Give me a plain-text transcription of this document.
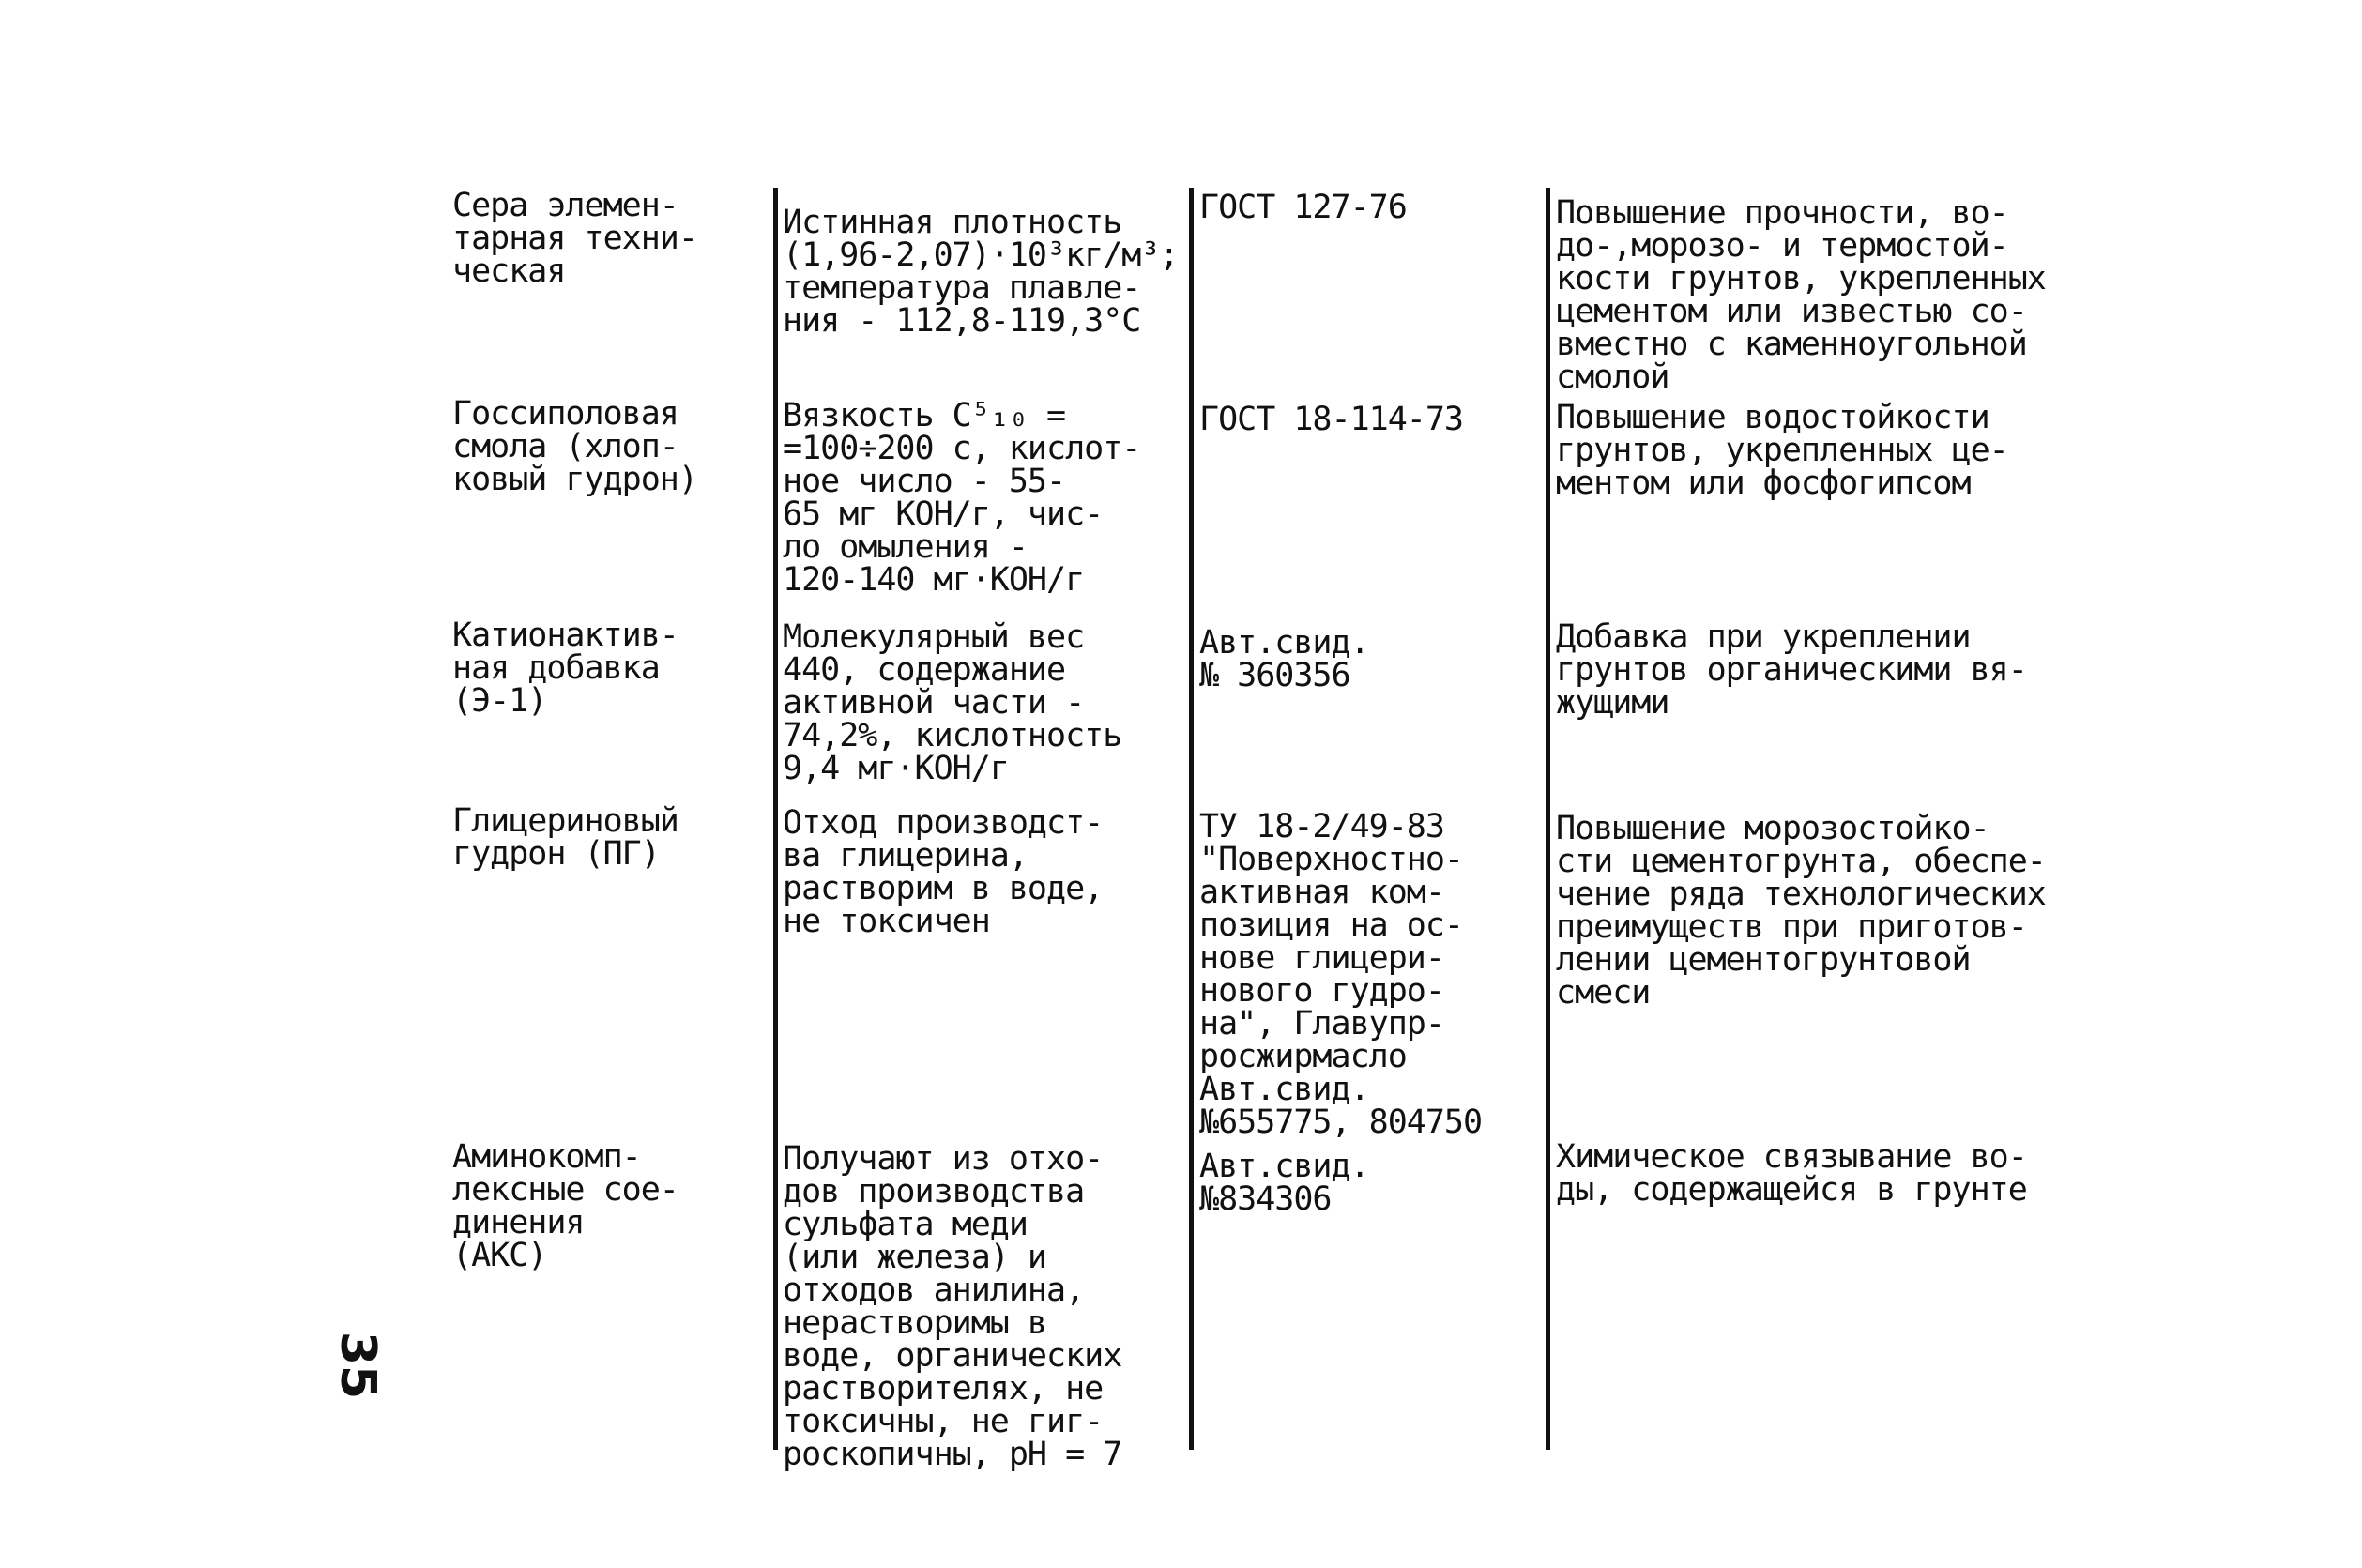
Сера элемен-
тарная техни-
ческая
Истинная плотность
(1,96-2,07)·10³кг/м³;
температура плавле-
ния - 112,8-119,3°С
ГОСТ 127-76	Повышение прочности, во-
до-,морозо- и термостой-
кости грунтов, укрепленных
цементом или известью со-
вместно с каменноугольной
смолой
Госсиполовая
смола (хлоп-
ковый гудрон)
Вязкость C⁵₁₀ =
=100÷200 с, кислот-
ное число - 55-
65 мг КОН/г, чис-
ло омыления -
120-140 мг·КОН/г
ГОСТ 18-114-73	Повышение водостойкости
грунтов, укрепленных це-
ментом или фосфогипсом
Катионактив-
ная добавка
(Э-1)
Молекулярный вес
440, содержание
активной части -
74,2%, кислотность
9,4 мг·КОН/г
Авт.свид.
№ 360356
Добавка при укреплении
грунтов органическими вя-
жущими
Глицериновый
гудрон (ПГ)
Отход производст-
ва глицерина,
растворим в воде,
не токсичен
ТУ 18-2/49-83
"Поверхностно-
активная ком-
позиция на ос-
нове глицери-
нового гудро-
на", Главупр-
росжирмасло
Авт.свид.
№655775, 804750
Повышение морозостойко-
сти цементогрунта, обеспе-
чение ряда технологических
преимуществ при приготов-
лении цементогрунтовой
смеси
Аминокомп-
лексные сое-
динения
(АКС)
Получают из отхо-
дов производства
сульфата меди
(или железа) и
отходов анилина,
нерастворимы в
воде, органических
растворителях, не
токсичны, не гиг-
роскопичны, pH = 7
Авт.свид.
№834306
Химическое связывание во-
ды, содержащейся в грунте
35
